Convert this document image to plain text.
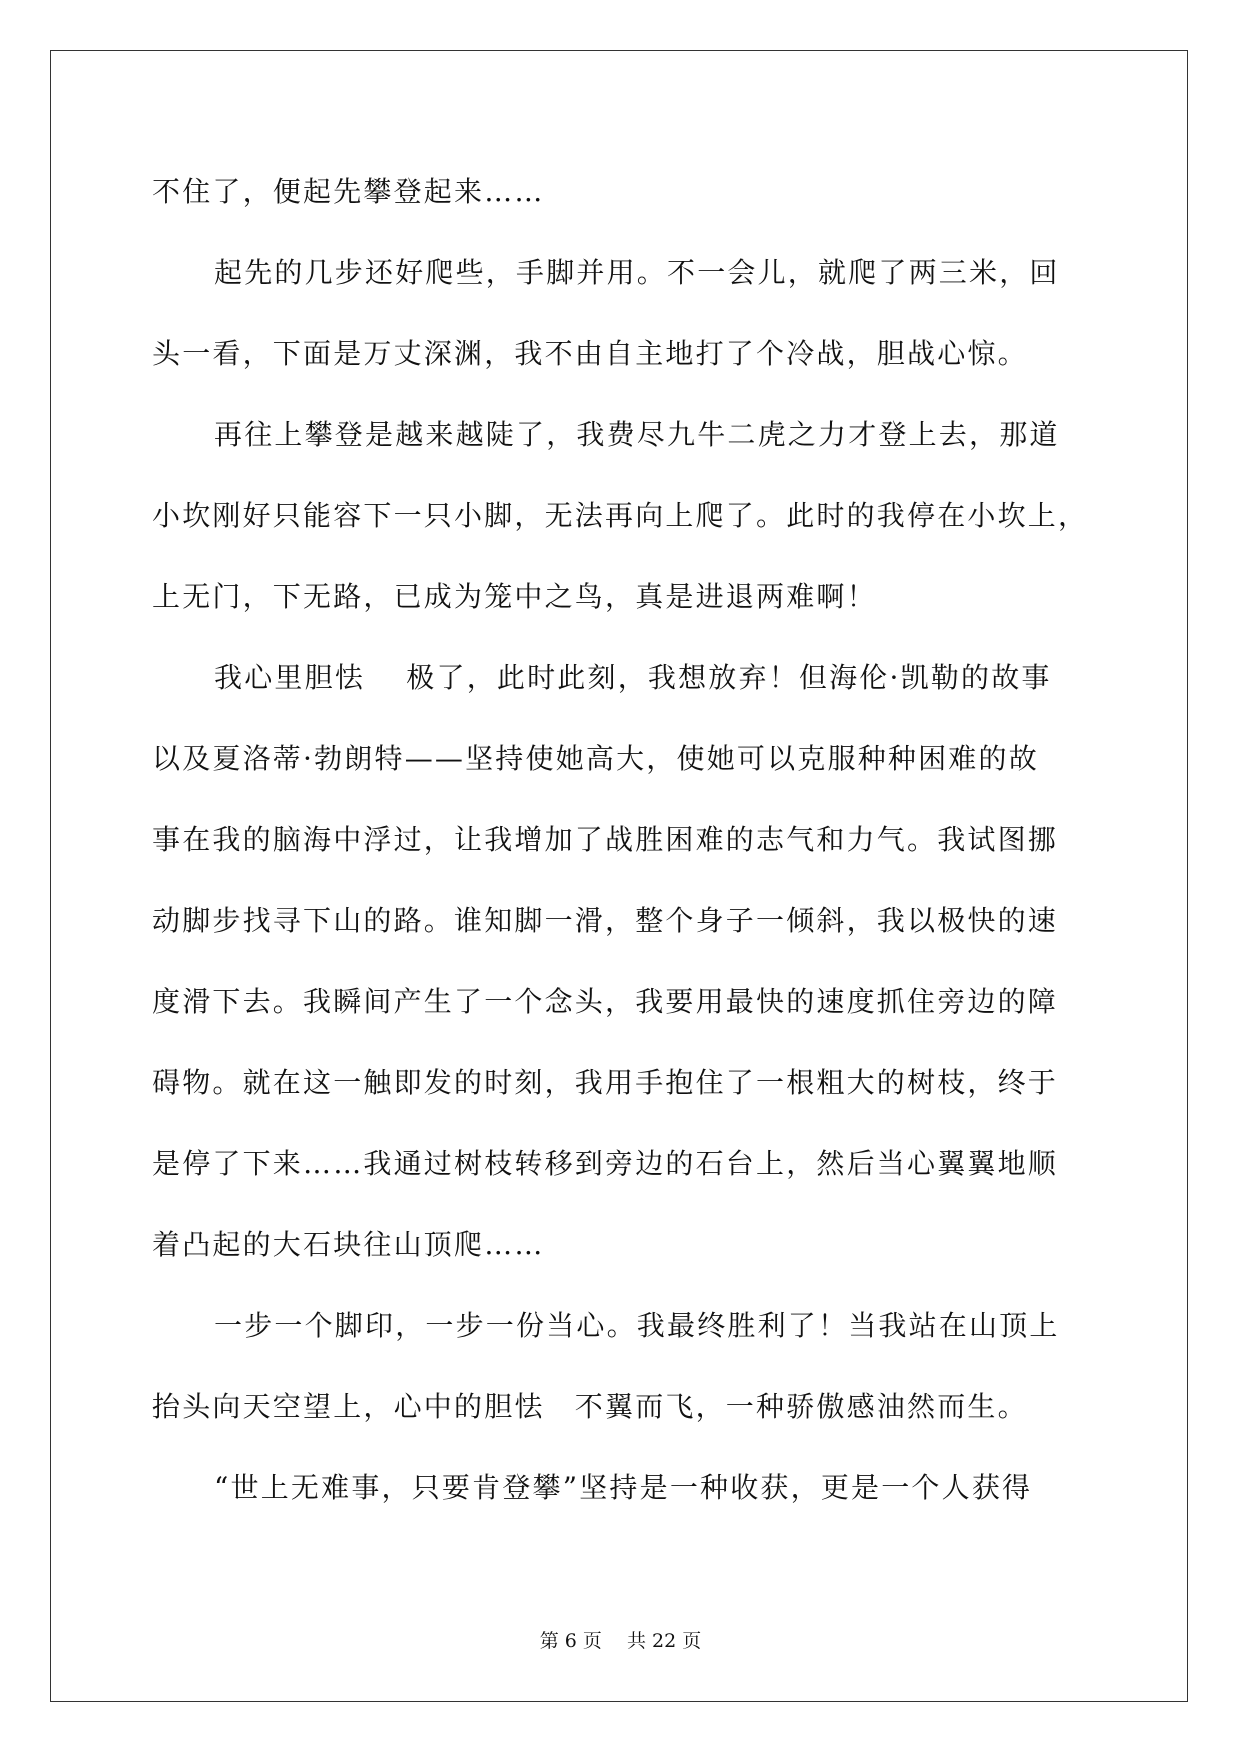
不住了，便起先攀登起来……
起先的几步还好爬些，手脚并用。不一会儿，就爬了两三米，回
头一看，下面是万丈深渊，我不由自主地打了个冷战，胆战心惊。
再往上攀登是越来越陡了，我费尽九牛二虎之力才登上去，那道
小坎刚好只能容下一只小脚，无法再向上爬了。此时的我停在小坎上，
上无门，下无路，已成为笼中之鸟，真是进退两难啊！
我心里胆怯　 极了，此时此刻，我想放弃！但海伦·凯勒的故事
以及夏洛蒂·勃朗特——坚持使她高大，使她可以克服种种困难的故
事在我的脑海中浮过，让我增加了战胜困难的志气和力气。我试图挪
动脚步找寻下山的路。谁知脚一滑，整个身子一倾斜，我以极快的速
度滑下去。我瞬间产生了一个念头，我要用最快的速度抓住旁边的障
碍物。就在这一触即发的时刻，我用手抱住了一根粗大的树枝，终于
是停了下来……我通过树枝转移到旁边的石台上，然后当心翼翼地顺
着凸起的大石块往山顶爬……
一步一个脚印，一步一份当心。我最终胜利了！当我站在山顶上
抬头向天空望上，心中的胆怯　不翼而飞，一种骄傲感油然而生。
“世上无难事，只要肯登攀”坚持是一种收获，更是一个人获得
第 6 页　 共 22 页
